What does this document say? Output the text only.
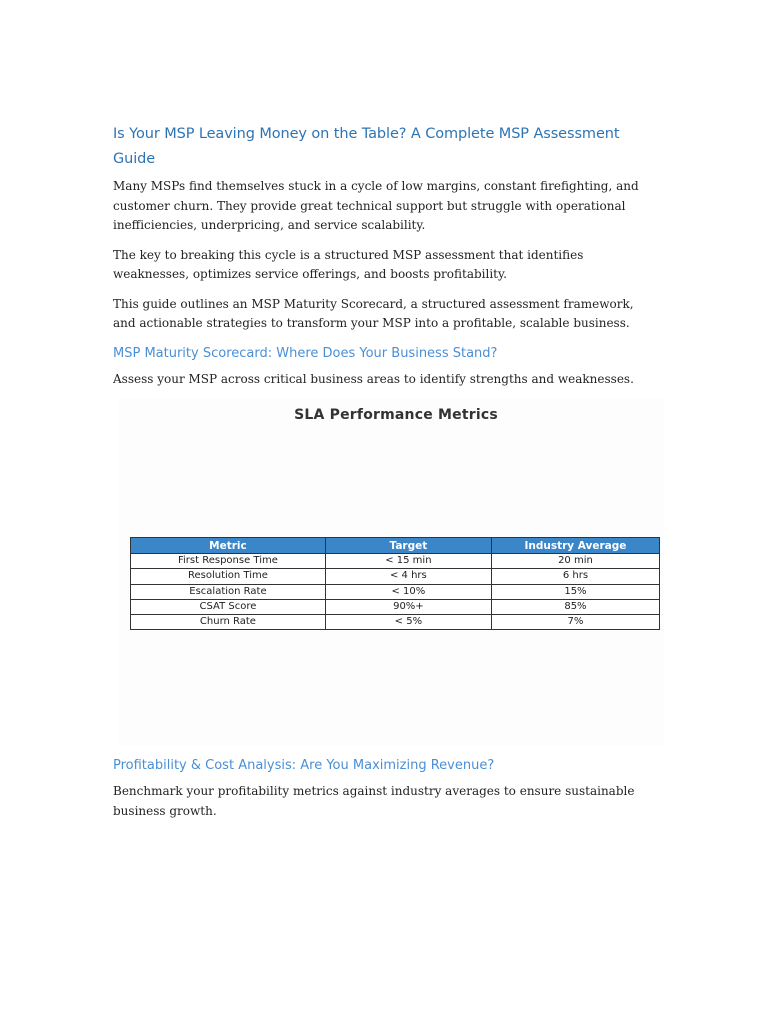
Is Your MSP Leaving Money on the Table? A Complete MSP Assessment Guide

Many MSPs find themselves stuck in a cycle of low margins, constant firefighting, and customer churn. They provide great technical support but struggle with operational inefficiencies, underpricing, and service scalability.

The key to breaking this cycle is a structured MSP assessment that identifies weaknesses, optimizes service offerings, and boosts profitability.

This guide outlines an MSP Maturity Scorecard, a structured assessment framework, and actionable strategies to transform your MSP into a profitable, scalable business.

MSP Maturity Scorecard: Where Does Your Business Stand?

Assess your MSP across critical business areas to identify strengths and weaknesses.

SLA Performance Metrics
Metric	Target	Industry Average
First Response Time	< 15 min	20 min
Resolution Time	< 4 hrs	6 hrs
Escalation Rate	< 10%	15%
CSAT Score	90%+	85%
Churn Rate	< 5%	7%
Profitability & Cost Analysis: Are You Maximizing Revenue?

Benchmark your profitability metrics against industry averages to ensure sustainable business growth.
